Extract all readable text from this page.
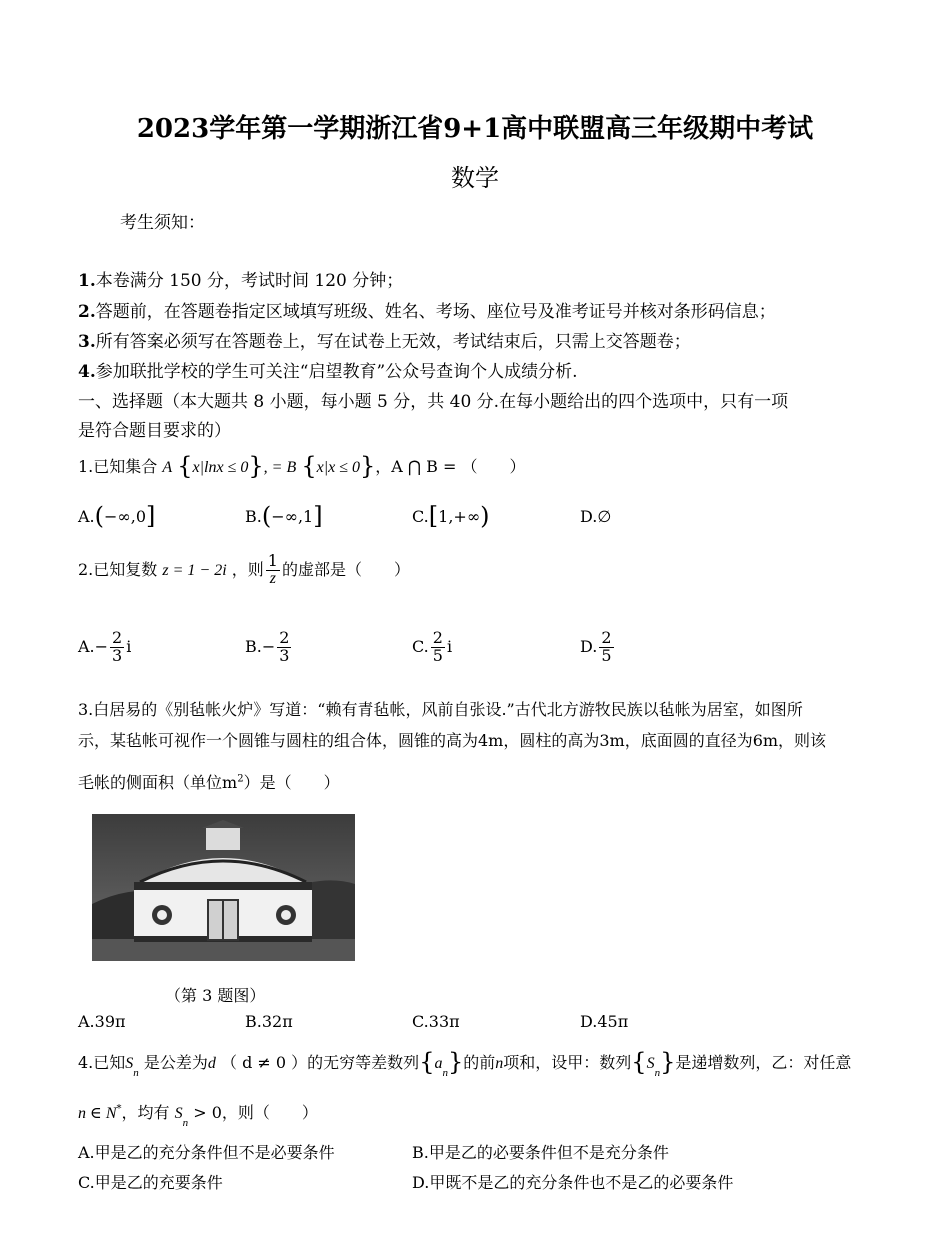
2023学年第一学期浙江省9+1高中联盟高三年级期中考试
数学
考生须知：
1.本卷满分 150 分，考试时间 120 分钟；
2.答题前，在答题卷指定区域填写班级、姓名、考场、座位号及准考证号并核对条形码信息；
3.所有答案必须写在答题卷上，写在试卷上无效，考试结束后，只需上交答题卷；
4.参加联批学校的学生可关注“启望教育”公众号查询个人成绩分析.
一、选择题（本大题共 8 小题，每小题 5 分，共 40 分.在每小题给出的四个选项中，只有一项
是符合题目要求的）
1.已知集合 A {x|lnx ≤ 0}, = B {x|x ≤ 0}，A ⋂ B = （　　）
A.(−∞,0]	B.(−∞,1]	C.[1,+∞)	D.∅
2.已知复数 z = 1 − 2i ，则 $\frac{1}{z}$ 的虚部是（　　）
$A.- \frac{2}{3}$ i	$B.- \frac{2}{3}$	C. $\frac{2}{5}$ i	D. $\frac{2}{5}$
3.白居易的《别毡帐火炉》写道：“赖有青毡帐，风前自张设.”古代北方游牧民族以毡帐为居室，如图所
示，某毡帐可视作一个圆锥与圆柱的组合体，圆锥的高为4m，圆柱的高为3m，底面圆的直径为6m，则该
毛帐的侧面积（单位$m^2$）是（　　）
（第 3 题图）
A.39π	B.32π	C.33π	D.45π
4.已知$S_n$ 是公差为d （ d ≠ 0 ）的无穷等差数列$\{a_n\}$的前n项和，设甲：数列$\{S_n\}$是递增数列，乙：对任意
n ∈ N*，均有 $S_n > 0$，则（　　）
A.甲是乙的充分条件但不是必要条件	B.甲是乙的必要条件但不是充分条件
C.甲是乙的充要条件	D.甲既不是乙的充分条件也不是乙的必要条件
